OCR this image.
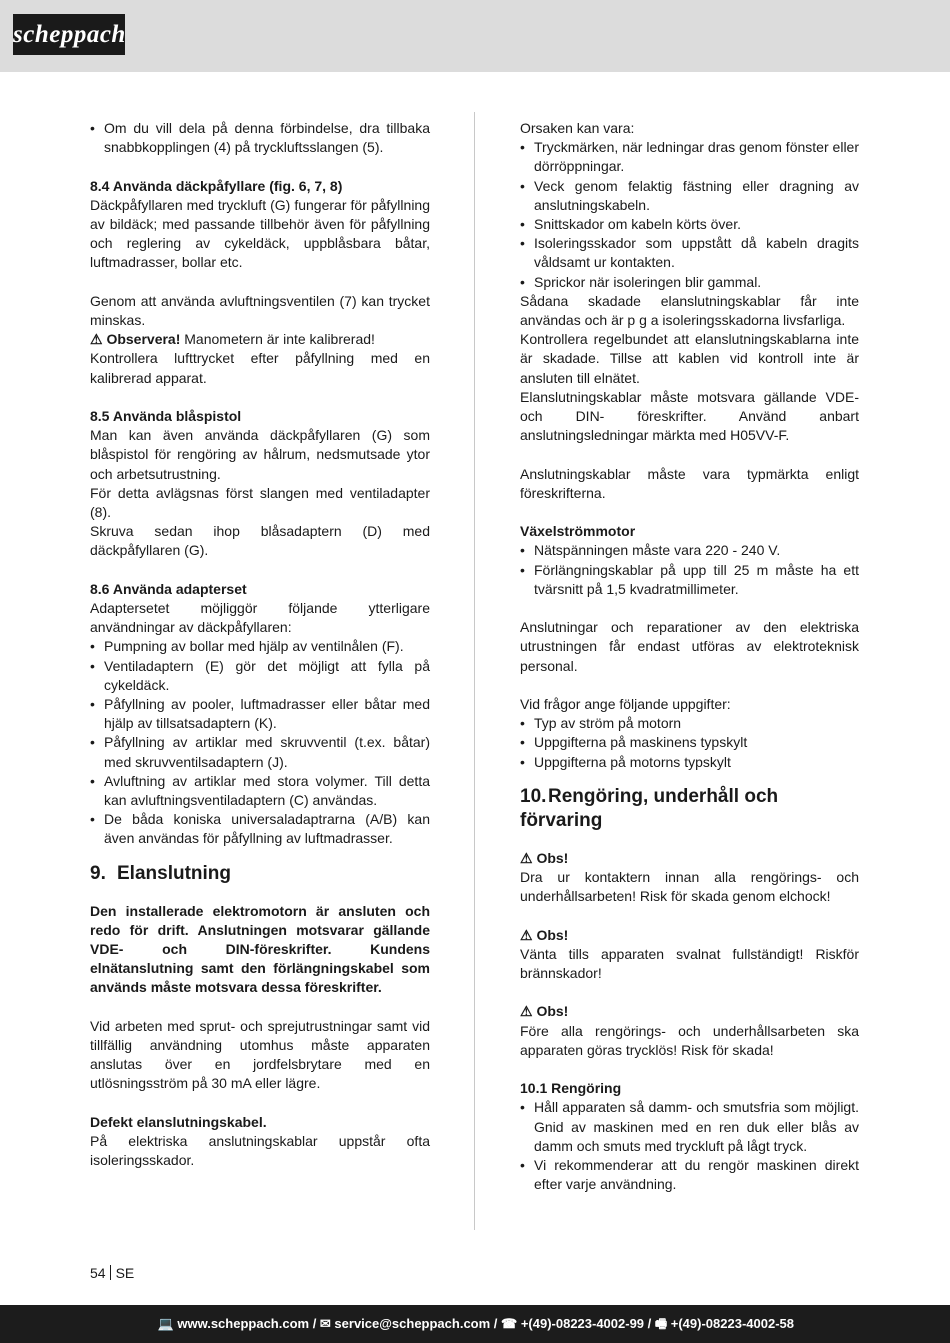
scheppach
• Om du vill dela på denna förbindelse, dra tillbaka snabbkopplingen (4) på tryckluftsslangen (5).

8.4 Använda däckpåfyllare (fig. 6, 7, 8)

Däckpåfyllaren med tryckluft (G) fungerar för påfyllning av bildäck; med passande tillbehör även för påfyllning och reglering av cykeldäck, uppblåsbara båtar, luftmadrasser, bollar etc.

Genom att använda avluftningsventilen (7) kan trycket minskas.

⚠ Observera! Manometern är inte kalibrerad!

Kontrollera lufttrycket efter påfyllning med en kalibrerad apparat.

8.5 Använda blåspistol

Man kan även använda däckpåfyllaren (G) som blåspistol för rengöring av hålrum, nedsmutsade ytor och arbetsutrustning.

För detta avlägsnas först slangen med ventiladapter (8).

Skruva sedan ihop blåsadaptern (D) med däckpåfyllaren (G).

8.6 Använda adapterset

Adaptersetet möjliggör följande ytterligare användningar av däckpåfyllaren:

• Pumpning av bollar med hjälp av ventilnålen (F).
• Ventiladaptern (E) gör det möjligt att fylla på cykeldäck.
• Påfyllning av pooler, luftmadrasser eller båtar med hjälp av tillsatsadaptern (K).
• Påfyllning av artiklar med skruvventil (t.ex. båtar) med skruvventilsadaptern (J).
• Avluftning av artiklar med stora volymer. Till detta kan avluftningsventiladaptern (C) användas.
• De båda koniska universaladaptrarna (A/B) kan även användas för påfyllning av luftmadrasser.
9. Elanslutning

Den installerade elektromotorn är ansluten och redo för drift. Anslutningen motsvarar gällande VDE- och DIN-föreskrifter. Kundens elnätanslutning samt den förlängningskabel som används måste motsvara dessa föreskrifter.

Vid arbeten med sprut- och sprejutrustningar samt vid tillfällig användning utomhus måste apparaten anslutas över en jordfelsbrytare med en utlösningsström på 30 mA eller lägre.

Defekt elanslutningskabel.

På elektriska anslutningskablar uppstår ofta isoleringsskador.

Orsaken kan vara:

• Tryckmärken, när ledningar dras genom fönster eller dörröppningar.
• Veck genom felaktig fästning eller dragning av anslutningskabeln.
• Snittskador om kabeln körts över.
• Isoleringsskador som uppstått då kabeln dragits våldsamt ur kontakten.
• Sprickor när isoleringen blir gammal.

Sådana skadade elanslutningskablar får inte användas och är p g a isoleringsskadorna livsfarliga.

Kontrollera regelbundet att elanslutningskablarna inte är skadade. Tillse att kablen vid kontroll inte är ansluten till elnätet.

Elanslutningskablar måste motsvara gällande VDE- och DIN- föreskrifter. Använd anbart anslutningsledningar märkta med H05VV-F.

Anslutningskablar måste vara typmärkta enligt föreskrifterna.

Växelströmmotor

• Nätspänningen måste vara 220 - 240 V.
• Förlängningskablar på upp till 25 m måste ha ett tvärsnitt på 1,5 kvadratmillimeter.

Anslutningar och reparationer av den elektriska utrustningen får endast utföras av elektroteknisk personal.

Vid frågor ange följande uppgifter:

• Typ av ström på motorn
• Uppgifterna på maskinens typskylt
• Uppgifterna på motorns typskylt
10.Rengöring, underhåll och förvaring

⚠ Obs!

Dra ur kontaktern innan alla rengörings- och underhållsarbeten! Risk för skada genom elchock!

⚠ Obs!

Vänta tills apparaten svalnat fullständigt! Riskför brännskador!

⚠ Obs!

Före alla rengörings- och underhållsarbeten ska apparaten göras trycklös! Risk för skada!

10.1 Rengöring

• Håll apparaten så damm- och smutsfria som möjligt. Gnid av maskinen med en ren duk eller blås av damm och smuts med tryckluft på lågt tryck.
• Vi rekommenderar att du rengör maskinen direkt efter varje användning.
54 SE
💻 www.scheppach.com / ✉ service@scheppach.com / ☎ +(49)-08223-4002-99 / 🖷 +(49)-08223-4002-58
